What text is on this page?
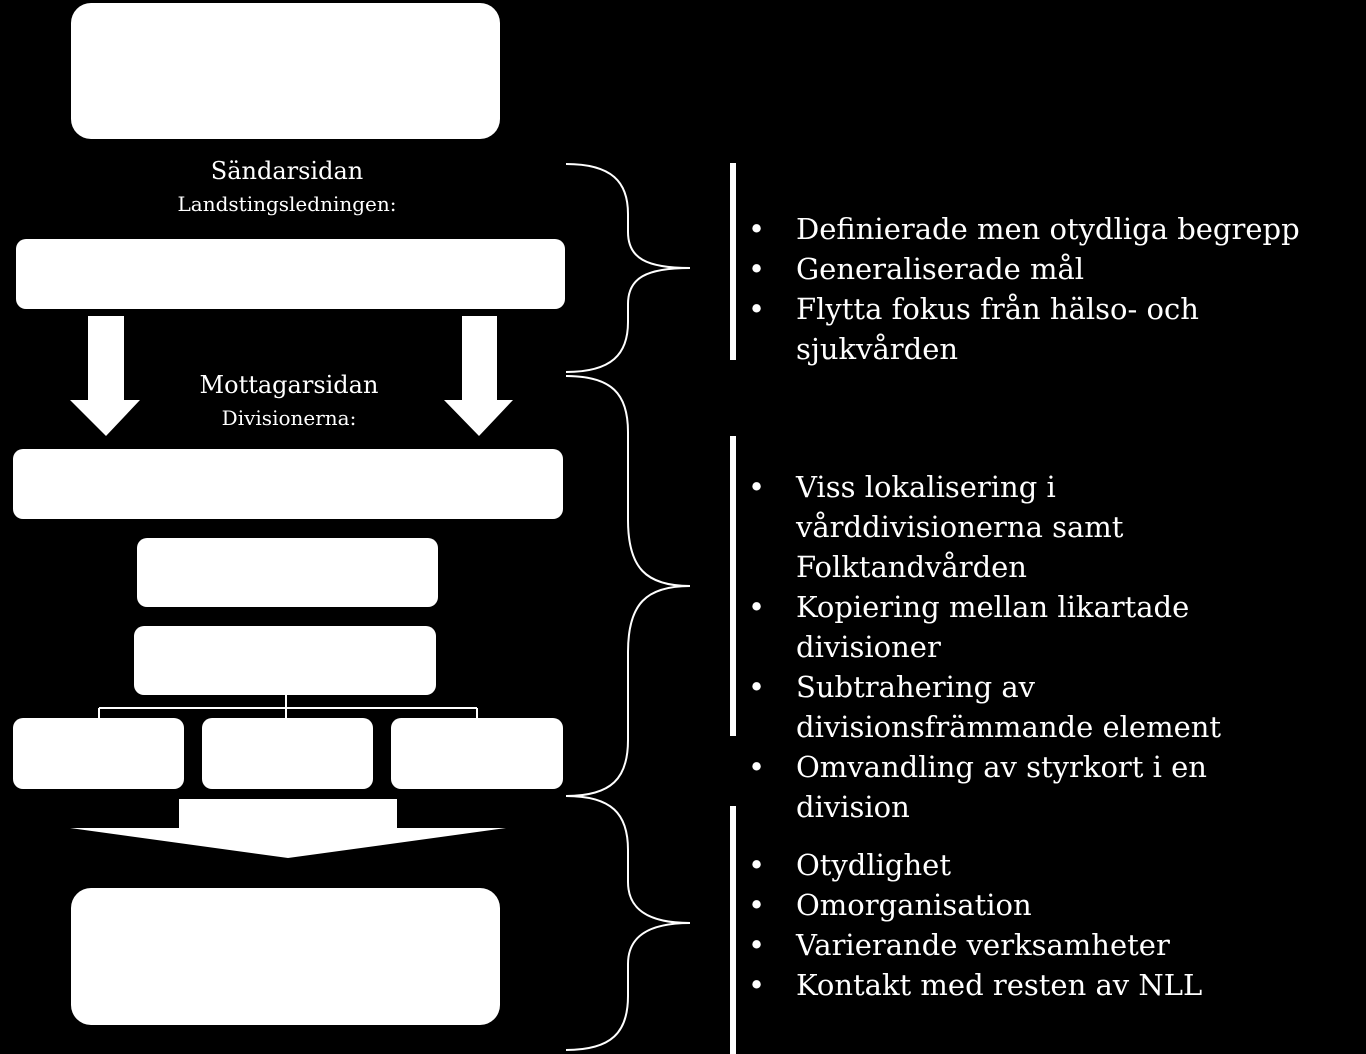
Sändarsidan
Landstingsledningen:
Mottagarsidan
Divisionerna:
• Definierade men otydliga begrepp
• Generaliserade mål
• Flytta fokus från hälso- och sjukvården
• Viss lokalisering i vårddivisionerna samt Folktandvården
• Kopiering mellan likartade divisioner
• Subtrahering av divisionsfrämmande element
• Omvandling av styrkort i en division
• Otydlighet
• Omorganisation
• Varierande verksamheter
• Kontakt med resten av NLL
